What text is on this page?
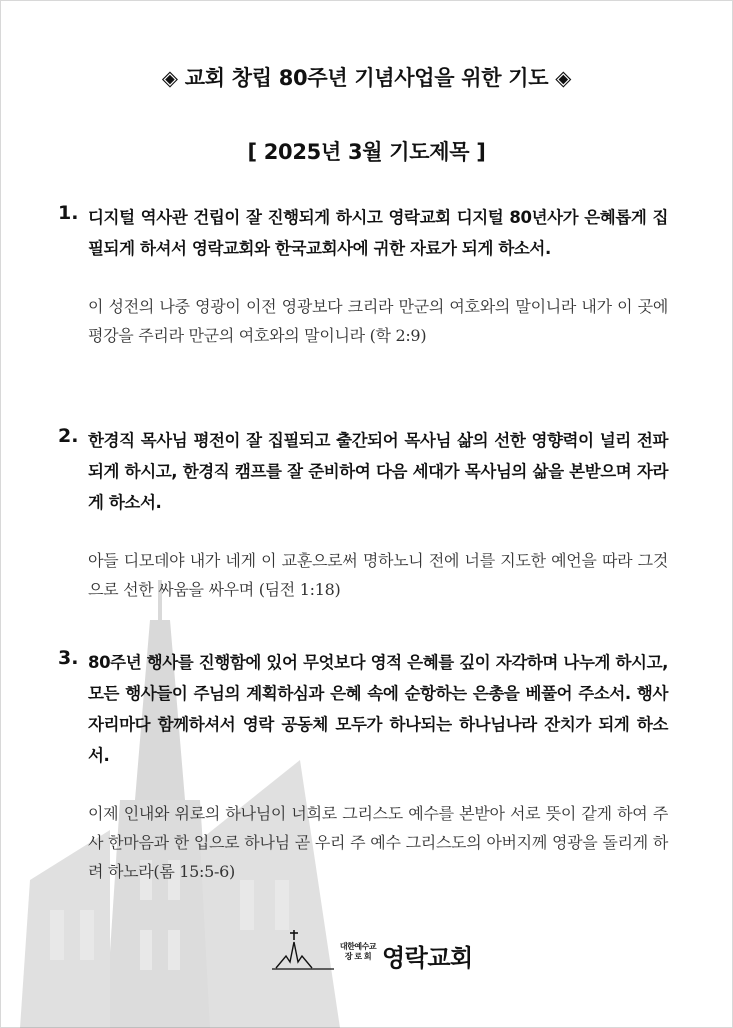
◈ 교회 창립 80주년 기념사업을 위한 기도 ◈
[ 2025년 3월 기도제목 ]
1. 디지털 역사관 건립이 잘 진행되게 하시고 영락교회 디지털 80년사가 은혜롭게 집필되게 하셔서 영락교회와 한국교회사에 귀한 자료가 되게 하소서.
이 성전의 나중 영광이 이전 영광보다 크리라 만군의 여호와의 말이니라 내가 이 곳에 평강을 주리라 만군의 여호와의 말이니라 (학 2:9)
2. 한경직 목사님 평전이 잘 집필되고 출간되어 목사님 삶의 선한 영향력이 널리 전파되게 하시고, 한경직 캠프를 잘 준비하여 다음 세대가 목사님의 삶을 본받으며 자라게 하소서.
아들 디모데야 내가 네게 이 교훈으로써 명하노니 전에 너를 지도한 예언을 따라 그것으로 선한 싸움을 싸우며 (딤전 1:18)
3. 80주년 행사를 진행함에 있어 무엇보다 영적 은혜를 깊이 자각하며 나누게 하시고, 모든 행사들이 주님의 계획하심과 은혜 속에 순항하는 은총을 베풀어 주소서. 행사 자리마다 함께하셔서 영락 공동체 모두가 하나되는 하나님나라 잔치가 되게 하소서.
이제 인내와 위로의 하나님이 너희로 그리스도 예수를 본받아 서로 뜻이 같게 하여 주사 한마음과 한 입으로 하나님 곧 우리 주 예수 그리스도의 아버지께 영광을 돌리게 하려 하노라(롬 15:5-6)
대한예수교
장 로 회 영락교회
